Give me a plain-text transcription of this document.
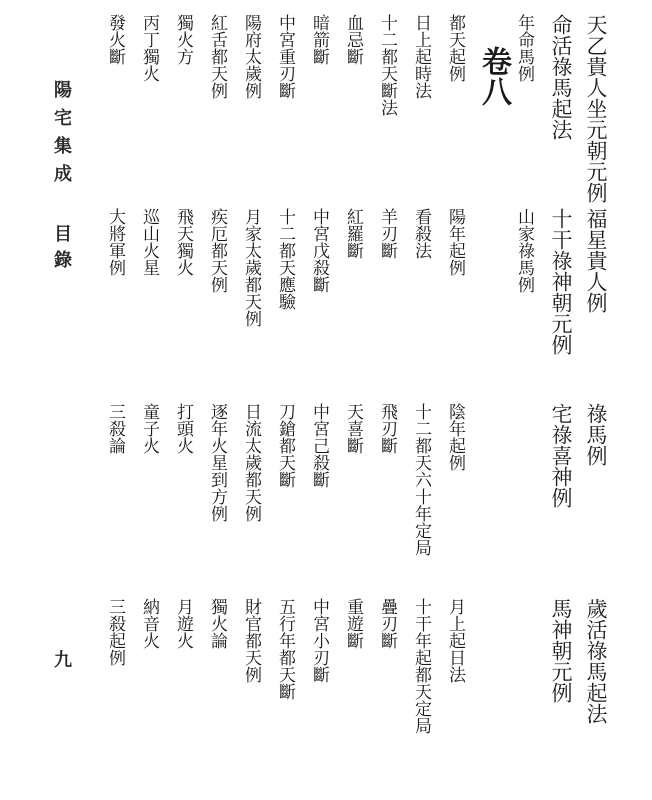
天乙貴人坐元朝元例
福星貴人例
祿馬例
歲活祿馬起法
命活祿馬起法
十干祿神朝元例
宅祿喜神例
馬神朝元例
年命馬例
山家祿馬例
卷八
都天起例
陽年起例
陰年起例
月上起日法
日上起時法
看殺法
十二都天六十年定局
十干年起都天定局
十二都天斷法
羊刃斷
飛刃斷
疊刃斷
血忌斷
紅羅斷
天喜斷
重遊斷
暗箭斷
中宮戊殺斷
中宮己殺斷
中宮小刃斷
中宮重刃斷
十二都天應驗
刀鎗都天斷
五行年都天斷
陽府太歲例
月家太歲都天例
日流太歲都天例
財官都天例
紅舌都天例
疾厄都天例
逐年火星到方例
獨火論
獨火方
飛天獨火
打頭火
月遊火
丙丁獨火
巡山火星
童子火
納音火
發火斷
大將軍例
三殺論
三殺起例
陽宅集成
目錄
九
